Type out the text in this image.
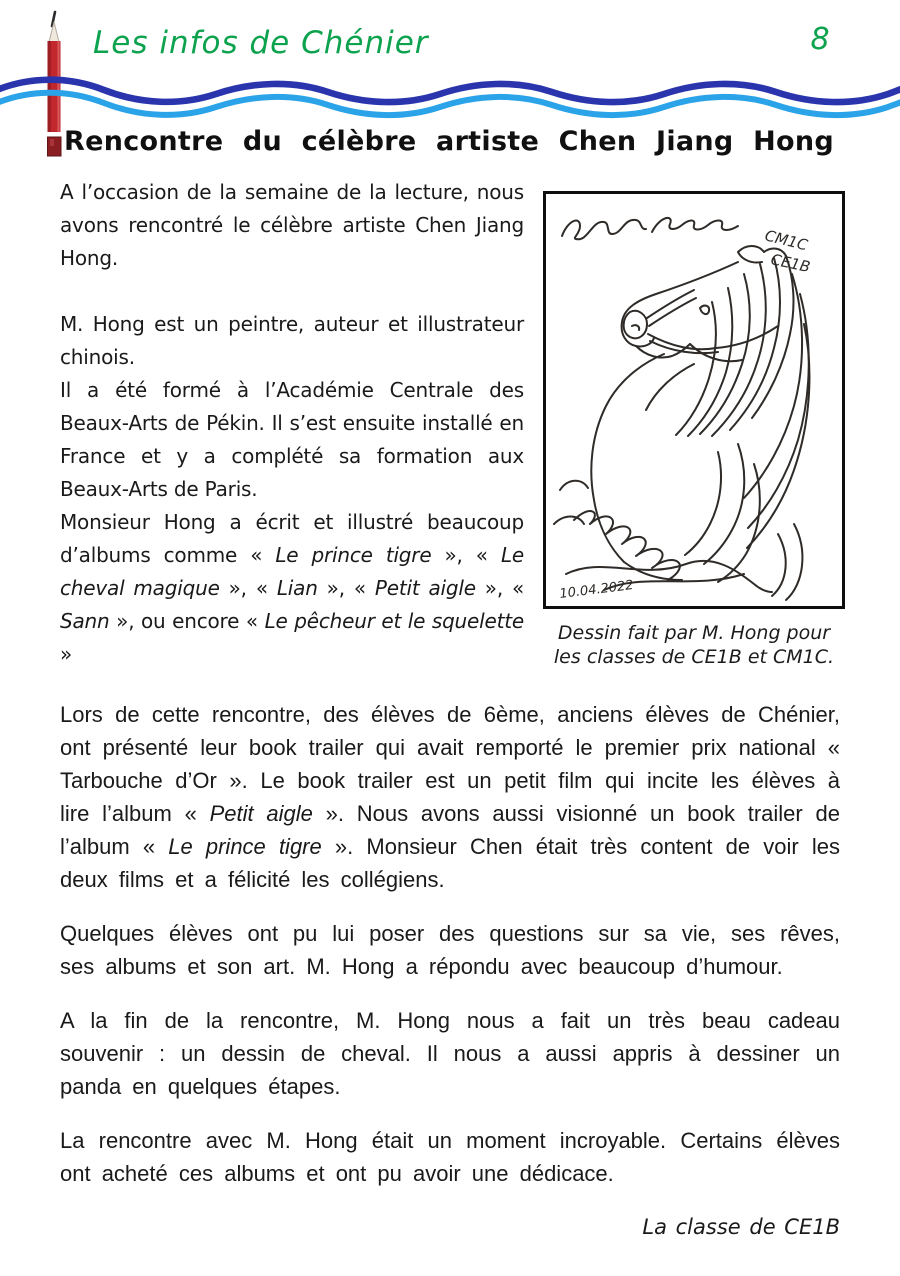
Les infos de Chénier	8
Rencontre du célèbre artiste Chen Jiang Hong

A l’occasion de la semaine de la lecture, nous avons rencontré le célèbre artiste Chen Jiang Hong.

M. Hong est un peintre, auteur et illustrateur chinois.

Il a été formé à l’Académie Centrale des Beaux-Arts de Pékin. Il s’est ensuite installé en France et y a complété sa formation aux Beaux-Arts de Paris.

Monsieur Hong a écrit et illustré beaucoup d’albums comme « Le prince tigre », « Le cheval magique », « Lian », « Petit aigle », « Sann », ou encore « Le pêcheur et le squelette »

CM1C
CE1B
10.04.2022
Dessin fait par M. Hong pour les classes de CE1B et CM1C.

Lors de cette rencontre, des élèves de 6ème, anciens élèves de Chénier, ont présenté leur book trailer qui avait remporté le premier prix national « Tarbouche d’Or ». Le book trailer est un petit film qui incite les élèves à lire l’album « Petit aigle ». Nous avons aussi visionné un book trailer de l’album « Le prince tigre ». Monsieur Chen était très content de voir les deux films et a félicité les collégiens.

Quelques élèves ont pu lui poser des questions sur sa vie, ses rêves, ses albums et son art. M. Hong a répondu avec beaucoup d’humour.

A la fin de la rencontre, M. Hong nous a fait un très beau cadeau souvenir : un dessin de cheval. Il nous a aussi appris à dessiner un panda en quelques étapes.

La rencontre avec M. Hong était un moment incroyable. Certains élèves ont acheté ces albums et ont pu avoir une dédicace.

La classe de CE1B
